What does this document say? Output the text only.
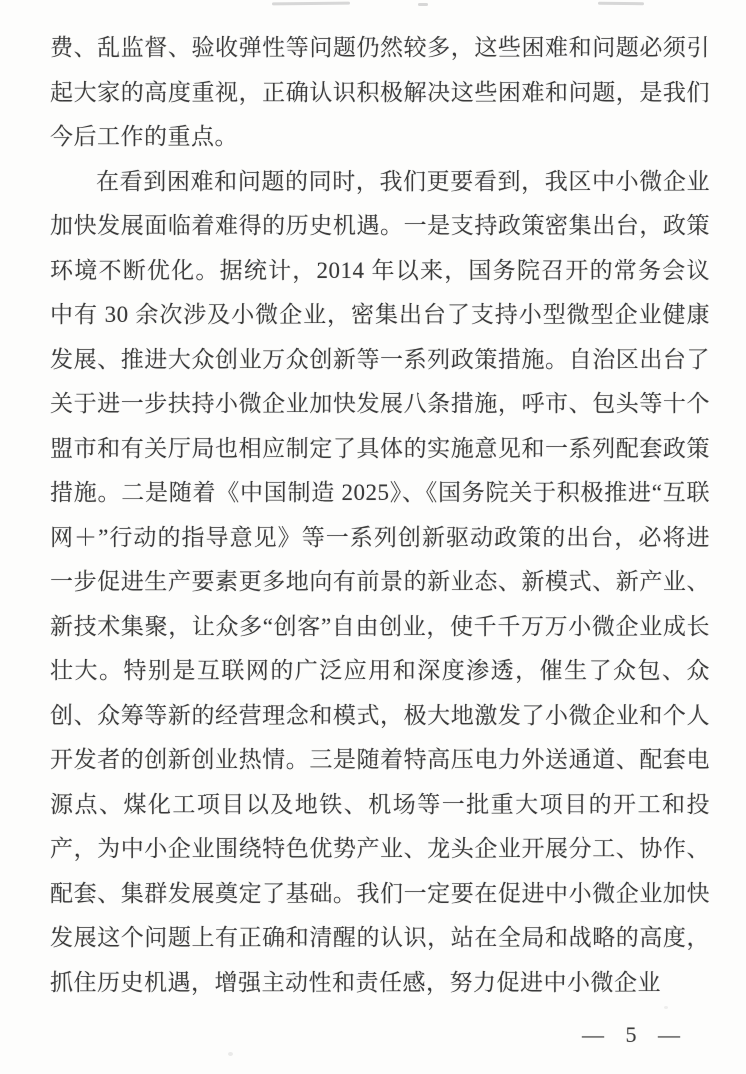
费、乱监督、验收弹性等问题仍然较多，这些困难和问题必须引起大家的高度重视，正确认识积极解决这些困难和问题，是我们今后工作的重点。

在看到困难和问题的同时，我们更要看到，我区中小微企业加快发展面临着难得的历史机遇。一是支持政策密集出台，政策环境不断优化。据统计，2014 年以来，国务院召开的常务会议中有 30 余次涉及小微企业，密集出台了支持小型微型企业健康发展、推进大众创业万众创新等一系列政策措施。自治区出台了关于进一步扶持小微企业加快发展八条措施，呼市、包头等十个盟市和有关厅局也相应制定了具体的实施意见和一系列配套政策措施。二是随着《中国制造 2025》、《国务院关于积极推进“互联网＋”行动的指导意见》等一系列创新驱动政策的出台，必将进一步促进生产要素更多地向有前景的新业态、新模式、新产业、新技术集聚，让众多“创客”自由创业，使千千万万小微企业成长壮大。特别是互联网的广泛应用和深度渗透，催生了众包、众创、众筹等新的经营理念和模式，极大地激发了小微企业和个人开发者的创新创业热情。三是随着特高压电力外送通道、配套电源点、煤化工项目以及地铁、机场等一批重大项目的开工和投产，为中小企业围绕特色优势产业、龙头企业开展分工、协作、配套、集群发展奠定了基础。我们一定要在促进中小微企业加快发展这个问题上有正确和清醒的认识，站在全局和战略的高度，抓住历史机遇，增强主动性和责任感，努力促进中小微企业

— 5 —
